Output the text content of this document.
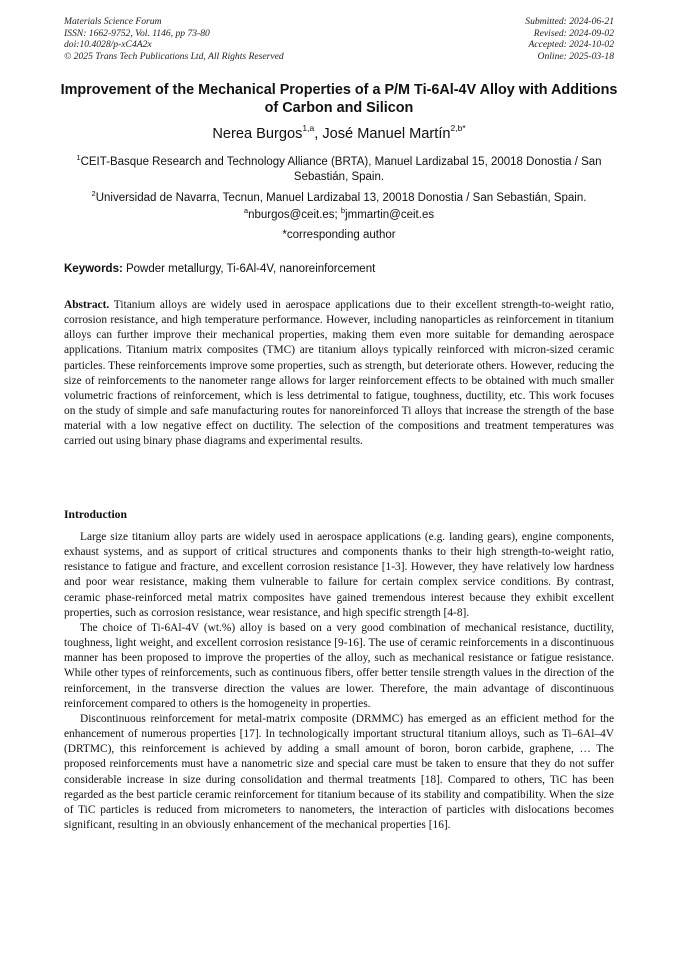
Materials Science Forum
ISSN: 1662-9752, Vol. 1146, pp 73-80
doi:10.4028/p-xC4A2x
© 2025 Trans Tech Publications Ltd, All Rights Reserved
Submitted: 2024-06-21
Revised: 2024-09-02
Accepted: 2024-10-02
Online: 2025-03-18
Improvement of the Mechanical Properties of a P/M Ti-6Al-4V Alloy with Additions of Carbon and Silicon
Nerea Burgos$^{1,a}$, José Manuel Martín$^{2,b*}$
$^1$CEIT-Basque Research and Technology Alliance (BRTA), Manuel Lardizabal 15, 20018 Donostia / San Sebastián, Spain.
$^2$Universidad de Navarra, Tecnun, Manuel Lardizabal 13, 20018 Donostia / San Sebastián, Spain.
$^a$nburgos@ceit.es; $^b$jmmartin@ceit.es
*corresponding author
Keywords: Powder metallurgy, Ti-6Al-4V, nanoreinforcement
Abstract. Titanium alloys are widely used in aerospace applications due to their excellent strength-to-weight ratio, corrosion resistance, and high temperature performance. However, including nanoparticles as reinforcement in titanium alloys can further improve their mechanical properties, making them even more suitable for demanding aerospace applications. Titanium matrix composites (TMC) are titanium alloys typically reinforced with micron-sized ceramic particles. These reinforcements improve some properties, such as strength, but deteriorate others. However, reducing the size of reinforcements to the nanometer range allows for larger reinforcement effects to be obtained with much smaller volumetric fractions of reinforcement, which is less detrimental to fatigue, toughness, ductility, etc. This work focuses on the study of simple and safe manufacturing routes for nanoreinforced Ti alloys that increase the strength of the base material with a low negative effect on ductility. The selection of the compositions and treatment temperatures was carried out using binary phase diagrams and experimental results.
Introduction

Large size titanium alloy parts are widely used in aerospace applications (e.g. landing gears), engine components, exhaust systems, and as support of critical structures and components thanks to their high strength-to-weight ratio, resistance to fatigue and fracture, and excellent corrosion resistance [1-3]. However, they have relatively low hardness and poor wear resistance, making them vulnerable to failure for certain complex service conditions. By contrast, ceramic phase-reinforced metal matrix composites have gained tremendous interest because they exhibit excellent properties, such as corrosion resistance, wear resistance, and high specific strength [4-8].

The choice of Ti-6Al-4V (wt.%) alloy is based on a very good combination of mechanical resistance, ductility, toughness, light weight, and excellent corrosion resistance [9-16]. The use of ceramic reinforcements in a discontinuous manner has been proposed to improve the properties of the alloy, such as mechanical resistance or fatigue resistance. While other types of reinforcements, such as continuous fibers, offer better tensile strength values in the direction of the reinforcement, in the transverse direction the values are lower. Therefore, the main advantage of discontinuous reinforcement compared to others is the homogeneity in properties.

Discontinuous reinforcement for metal-matrix composite (DRMMC) has emerged as an efficient method for the enhancement of numerous properties [17]. In technologically important structural titanium alloys, such as Ti–6Al–4V (DRTMC), this reinforcement is achieved by adding a small amount of boron, boron carbide, graphene, … The proposed reinforcements must have a nanometric size and special care must be taken to ensure that they do not suffer considerable increase in size during consolidation and thermal treatments [18]. Compared to others, TiC has been regarded as the best particle ceramic reinforcement for titanium because of its stability and compatibility. When the size of TiC particles is reduced from micrometers to nanometers, the interaction of particles with dislocations becomes significant, resulting in an obviously enhancement of the mechanical properties [16].
